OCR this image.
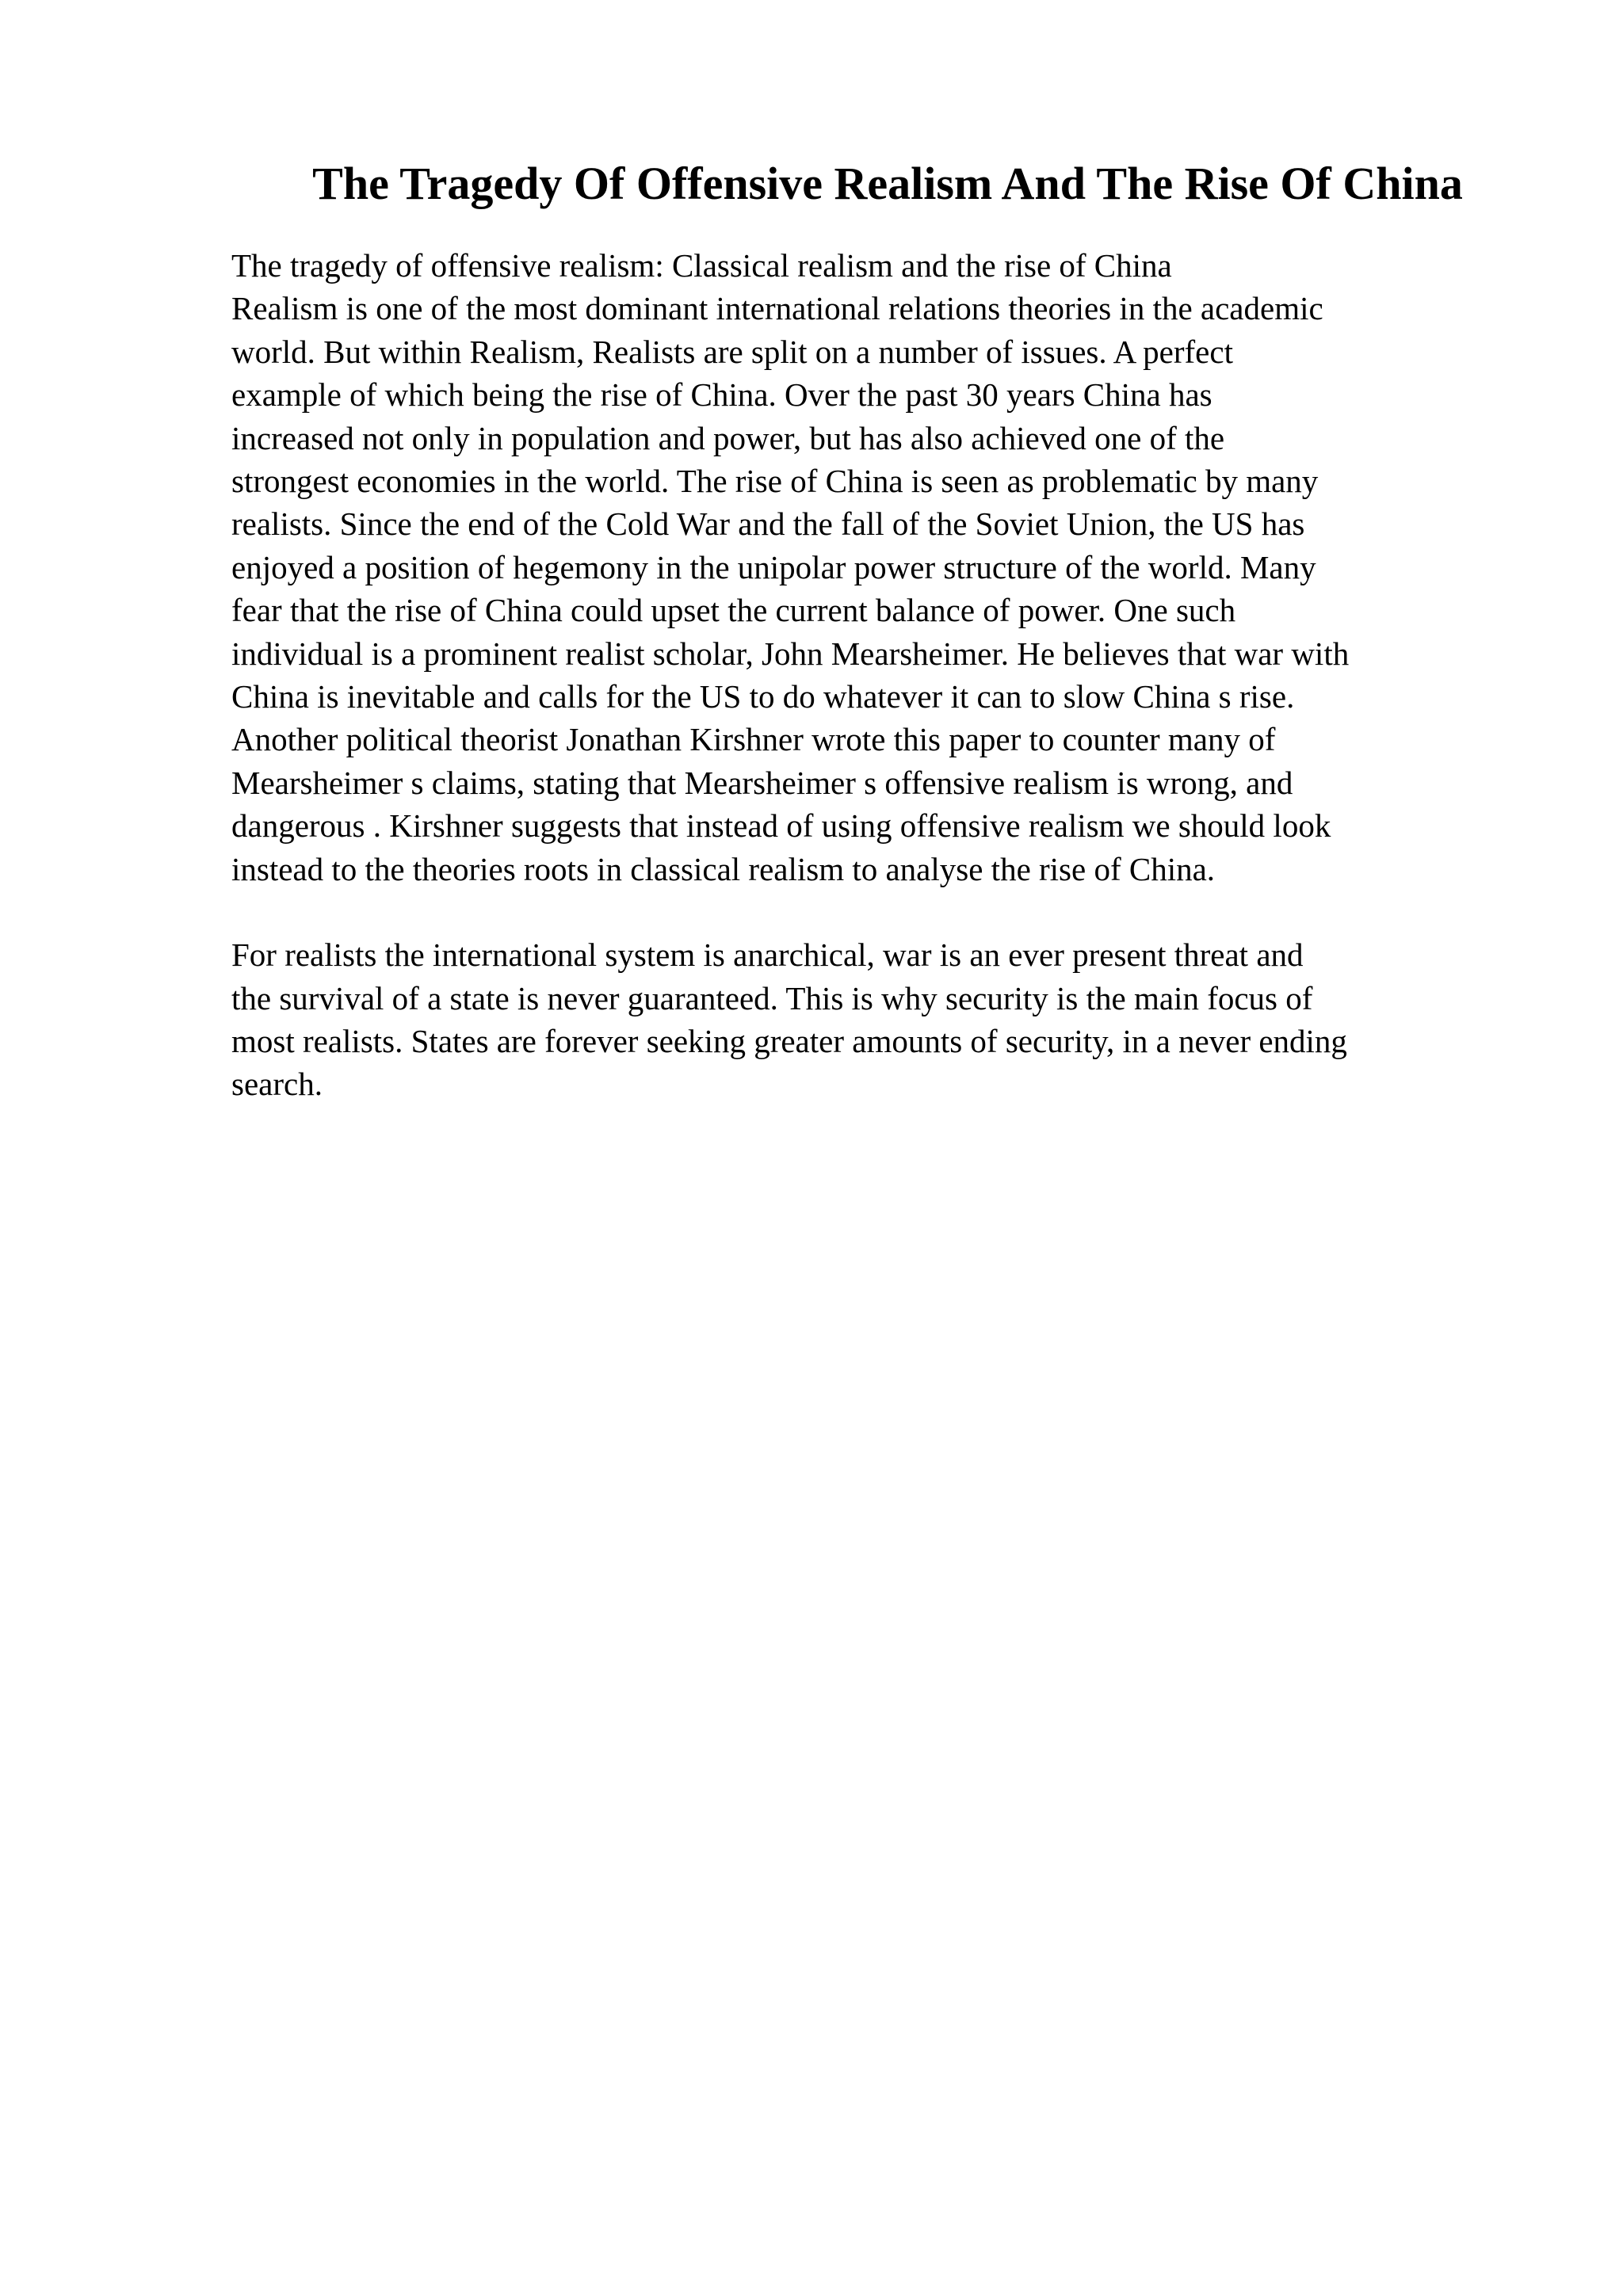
The Tragedy Of Offensive Realism And The Rise Of China

The tragedy of offensive realism: Classical realism and the rise of China
Realism is one of the most dominant international relations theories in the academic
world. But within Realism, Realists are split on a number of issues. A perfect
example of which being the rise of China. Over the past 30 years China has
increased not only in population and power, but has also achieved one of the
strongest economies in the world. The rise of China is seen as problematic by many
realists. Since the end of the Cold War and the fall of the Soviet Union, the US has
enjoyed a position of hegemony in the unipolar power structure of the world. Many
fear that the rise of China could upset the current balance of power. One such
individual is a prominent realist scholar, John Mearsheimer. He believes that war with
China is inevitable and calls for the US to do whatever it can to slow China s rise.
Another political theorist Jonathan Kirshner wrote this paper to counter many of
Mearsheimer s claims, stating that Mearsheimer s offensive realism is wrong, and
dangerous . Kirshner suggests that instead of using offensive realism we should look
instead to the theories roots in classical realism to analyse the rise of China.

For realists the international system is anarchical, war is an ever present threat and
the survival of a state is never guaranteed. This is why security is the main focus of
most realists. States are forever seeking greater amounts of security, in a never ending
search.
